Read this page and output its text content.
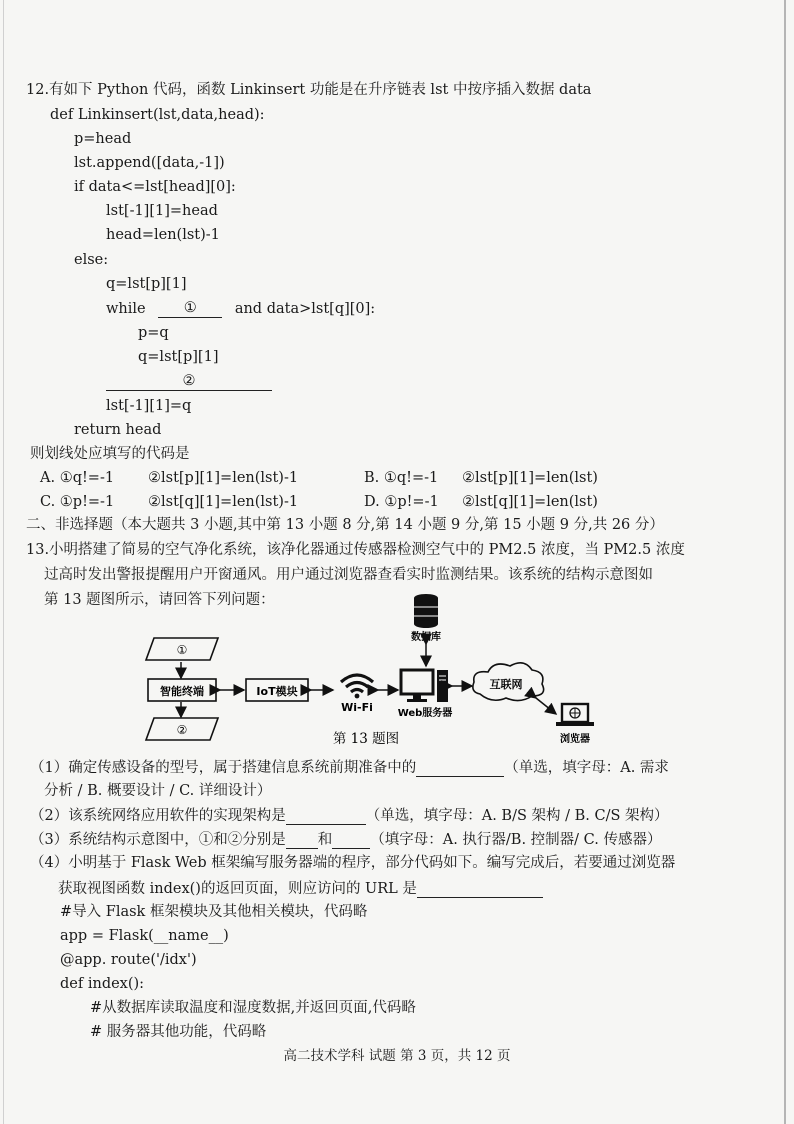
12.有如下 Python 代码，函数 Linkinsert 功能是在升序链表 lst 中按序插入数据 data
def Linkinsert(lst,data,head):
p=head
lst.append([data,-1])
if data<=lst[head][0]:
lst[-1][1]=head
head=len(lst)-1
else:
q=lst[p][1]
while	①	and data>lst[q][0]:
p=q
q=lst[p][1]
②
lst[-1][1]=q
return head
则划线处应填写的代码是
A. ①q!=-1 ②lst[p][1]=len(lst)-1	B. ①q!=-1 ②lst[p][1]=len(lst)
C. ①p!=-1 ②lst[q][1]=len(lst)-1	D. ①p!=-1 ②lst[q][1]=len(lst)
二、非选择题（本大题共 3 小题,其中第 13 小题 8 分,第 14 小题 9 分,第 15 小题 9 分,共 26 分）
13.小明搭建了简易的空气净化系统，该净化器通过传感器检测空气中的 PM2.5 浓度，当 PM2.5 浓度
过高时发出警报提醒用户开窗通风。用户通过浏览器查看实时监测结果。该系统的结构示意图如
第 13 题图所示，请回答下列问题：
①
智能终端
②
IoT模块
Wi-Fi
数据库
Web服务器
互联网
浏览器
第 13 题图
（1）确定传感设备的型号，属于搭建信息系统前期准备中的	（单选，填字母：A. 需求
分析 / B. 概要设计 / C. 详细设计）
（2）该系统网络应用软件的实现架构是	（单选，填字母：A. B/S 架构 / B. C/S 架构）
（3）系统结构示意图中，①和②分别是 和	（填字母：A. 执行器/B. 控制器/ C. 传感器）
（4）小明基于 Flask Web 框架编写服务器端的程序，部分代码如下。编写完成后，若要通过浏览器
获取视图函数 index()的返回页面，则应访问的 URL 是
#导入 Flask 框架模块及其他相关模块，代码略
app = Flask(__name__)
@app. route('/idx')
def index():
#从数据库读取温度和湿度数据,并返回页面,代码略
# 服务器其他功能，代码略
高二技术学科 试题 第 3 页，共 12 页
